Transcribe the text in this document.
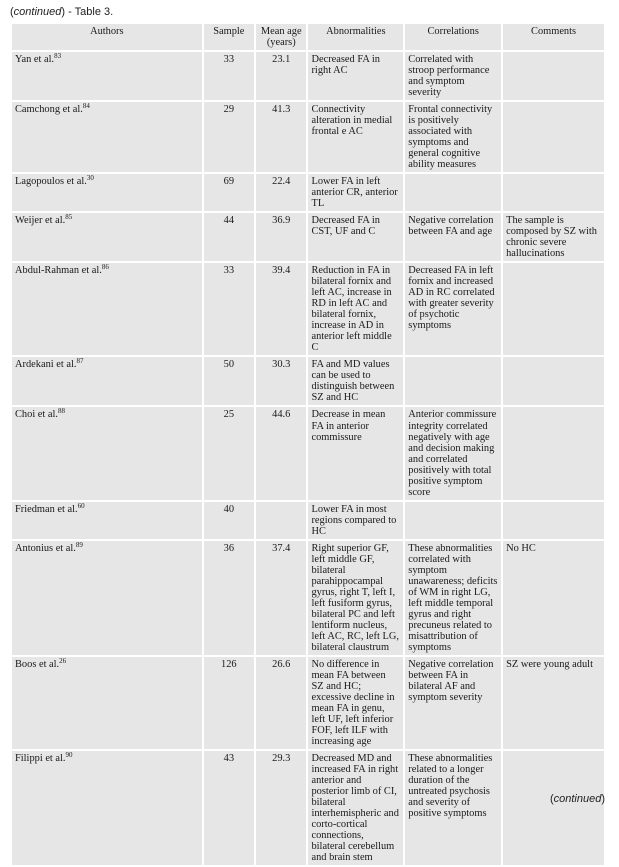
(continued) - Table 3.
Authors	Sample	Mean age (years)	Abnormalities	Correlations	Comments
Yan et al.$^{83}$	33	23.1	Decreased FA in right AC	Correlated with stroop performance and symptom severity	
Camchong et al.$^{84}$	29	41.3	Connectivity alteration in medial frontal e AC	Frontal connectivity is positively associated with symptoms and general cognitive ability measures	
Lagopoulos et al.$^{30}$	69	22.4	Lower FA in left anterior CR, anterior TL		
Weijer et al.$^{85}$	44	36.9	Decreased FA in CST, UF and C	Negative correlation between FA and age	The sample is composed by SZ with chronic severe hallucinations
Abdul-Rahman et al.$^{86}$	33	39.4	Reduction in FA in bilateral fornix and left AC, increase in RD in left AC and bilateral fornix, increase in AD in anterior left middle C	Decreased FA in left fornix and increased AD in RC correlated with greater severity of psychotic symptoms	
Ardekani et al.$^{87}$	50	30.3	FA and MD values can be used to distinguish between SZ and HC		
Choi et al.$^{88}$	25	44.6	Decrease in mean FA in anterior commissure	Anterior commissure integrity correlated negatively with age and decision making and correlated positively with total positive symptom score	
Friedman et al.$^{60}$	40		Lower FA in most regions compared to HC		
Antonius et al.$^{89}$	36	37.4	Right superior GF, left middle GF, bilateral parahippocampal gyrus, right T, left I, left fusiform gyrus, bilateral PC and left lentiform nucleus, left AC, RC, left LG, bilateral claustrum	These abnormalities correlated with symptom unawareness; deficits of WM in right LG, left middle temporal gyrus and right precuneus related to misattribution of symptoms	No HC
Boos et al.$^{26}$	126	26.6	No difference in mean FA between SZ and HC; excessive decline in mean FA in genu, left UF, left inferior FOF, left ILF with increasing age	Negative correlation between FA in bilateral AF and symptom severity	SZ were young adult
Filippi et al.$^{90}$	43	29.3	Decreased MD and increased FA in right anterior and posterior limb of CI, bilateral interhemispheric and corto-cortical connections, bilateral cerebellum and brain stem	These abnormalities related to a longer duration of the untreated psychosis and severity of positive symptoms	
(continued)
